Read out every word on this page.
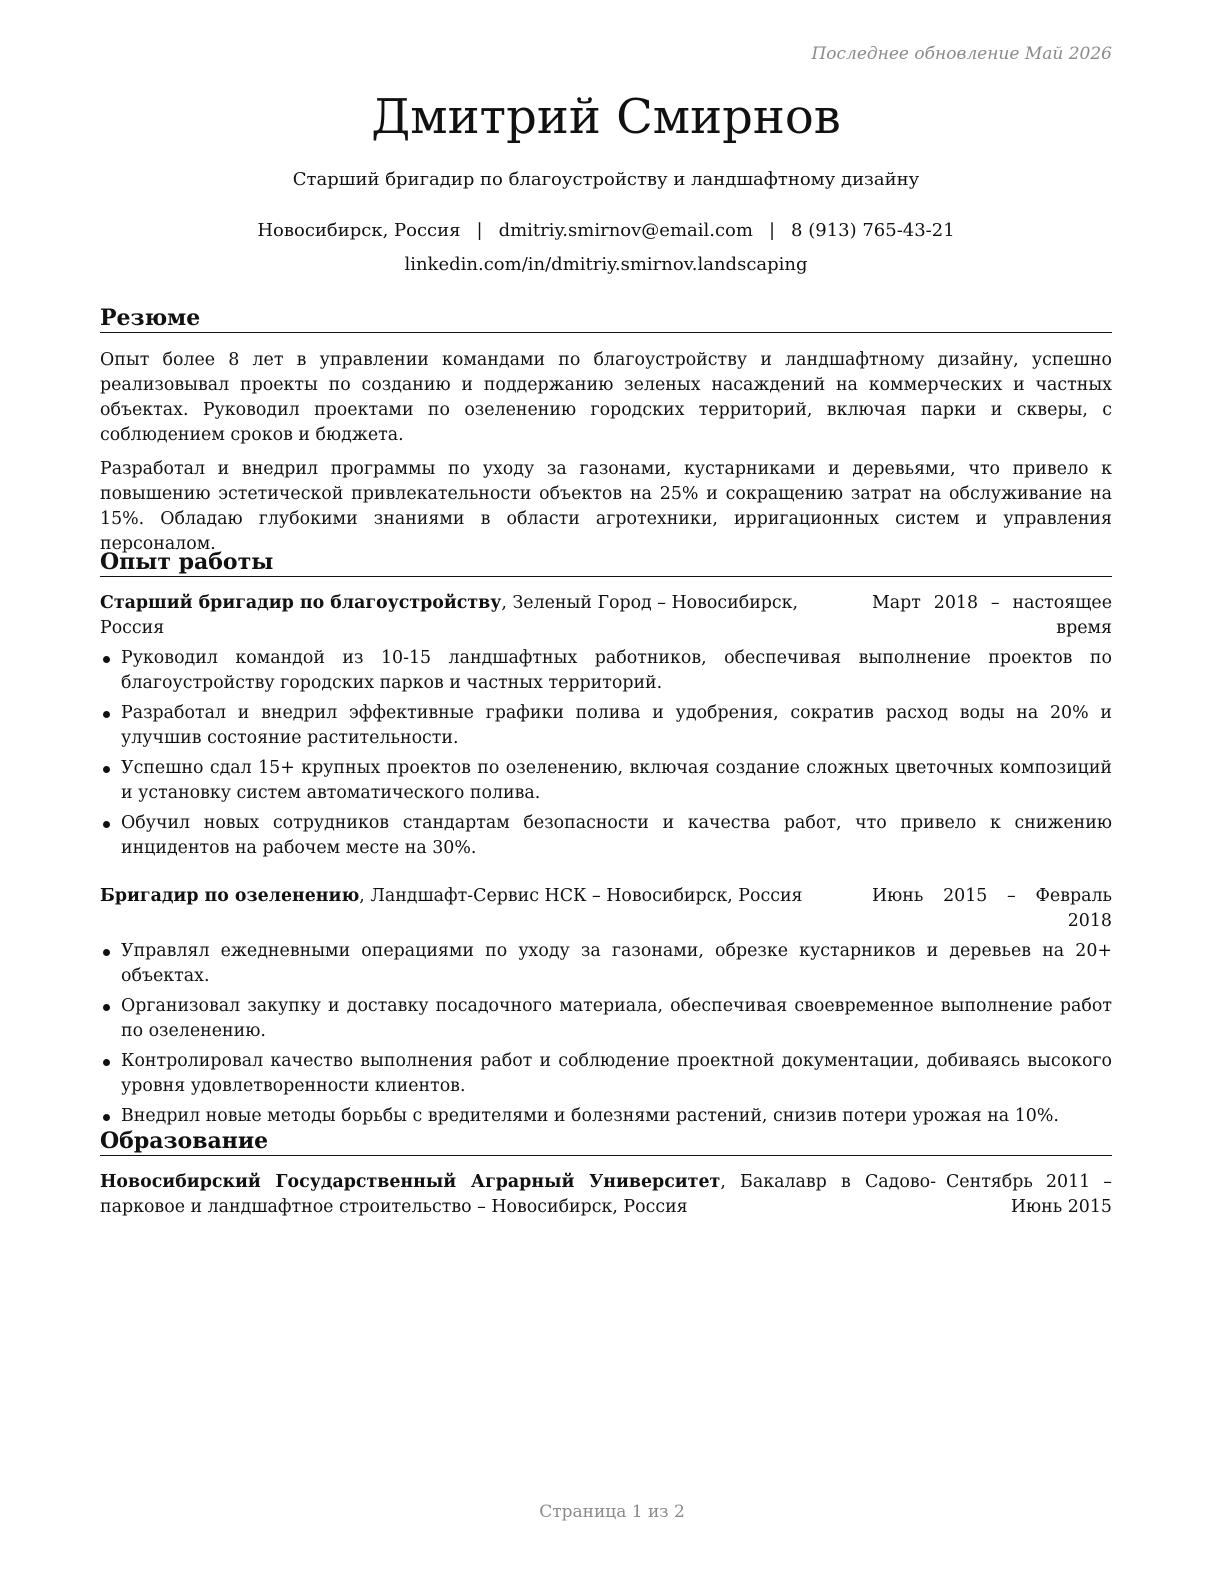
Последнее обновление Май 2026
Дмитрий Смирнов
Старший бригадир по благоустройству и ландшафтному дизайну
Новосибирск, Россия | dmitriy.smirnov@email.com | 8 (913) 765-43-21
linkedin.com/in/dmitriy.smirnov.landscaping
Резюме
Опыт более 8 лет в управлении командами по благоустройству и ландшафтному дизайну, успешно реализовывал проекты по созданию и поддержанию зеленых насаждений на коммерческих и частных объектах. Руководил проектами по озеленению городских территорий, включая парки и скверы, с соблюдением сроков и бюджета.
Разработал и внедрил программы по уходу за газонами, кустарниками и деревьями, что привело к повышению эстетической привлекательности объектов на 25% и сокращению затрат на обслуживание на 15%. Обладаю глубокими знаниями в области агротехники, ирригационных систем и управления персоналом.
Опыт работы
Старший бригадир по благоустройству, Зеленый Город – Новосибирск, Россия
Март 2018 – настоящее время
Руководил командой из 10-15 ландшафтных работников, обеспечивая выполнение проектов по благоустройству городских парков и частных территорий.
Разработал и внедрил эффективные графики полива и удобрения, сократив расход воды на 20% и улучшив состояние растительности.
Успешно сдал 15+ крупных проектов по озеленению, включая создание сложных цветочных композиций и установку систем автоматического полива.
Обучил новых сотрудников стандартам безопасности и качества работ, что привело к снижению инцидентов на рабочем месте на 30%.
Бригадир по озеленению, Ландшафт-Сервис НСК – Новосибирск, Россия	Июнь 2015 – Февраль 2018
Управлял ежедневными операциями по уходу за газонами, обрезке кустарников и деревьев на 20+ объектах.
Организовал закупку и доставку посадочного материала, обеспечивая своевременное выполнение работ по озеленению.
Контролировал качество выполнения работ и соблюдение проектной документации, добиваясь высокого уровня удовлетворенности клиентов.
Внедрил новые методы борьбы с вредителями и болезнями растений, снизив потери урожая на 10%.
Образование
Новосибирский Государственный Аграрный Университет, Бакалавр в Садово-парковое и ландшафтное строительство – Новосибирск, Россия
Сентябрь 2011 – Июнь 2015
Страница 1 из 2
